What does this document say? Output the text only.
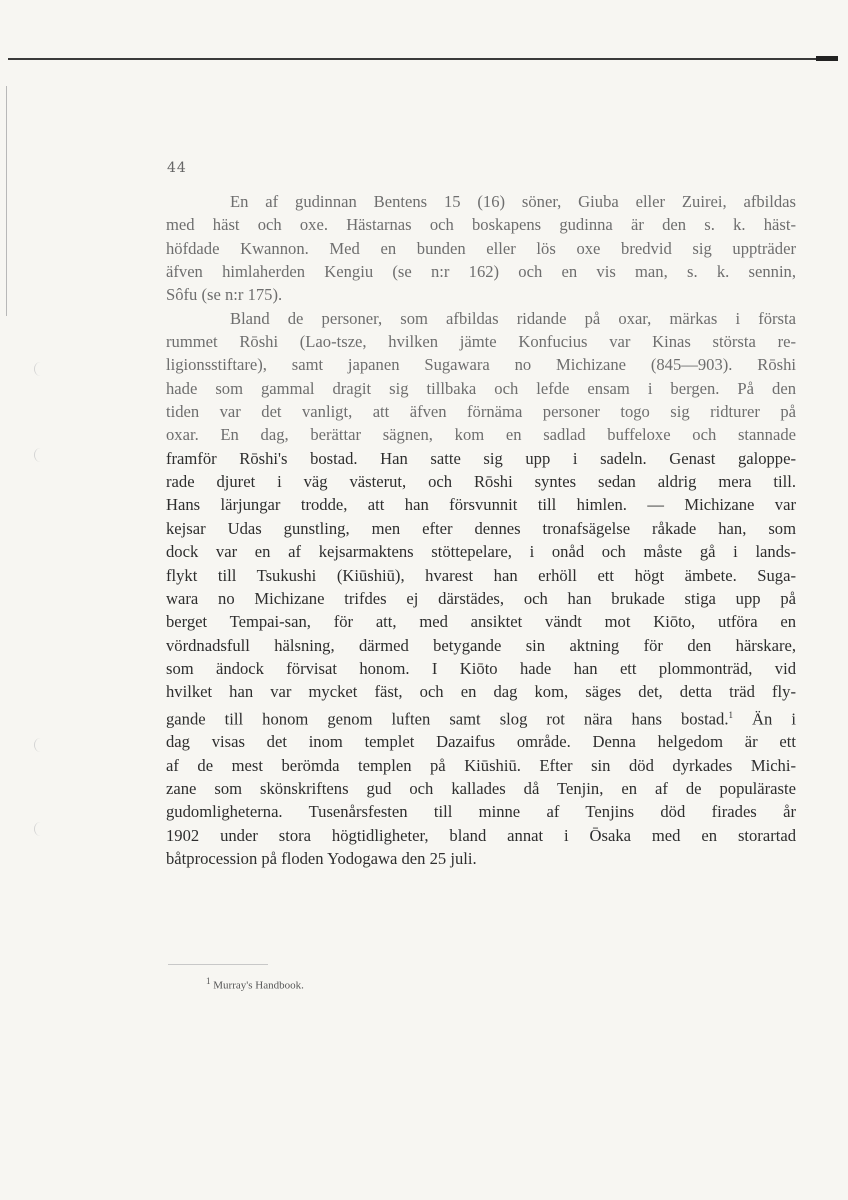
44
En af gudinnan Bentens 15 (16) söner, Giuba eller Zuirei, afbildas
med häst och oxe. Hästarnas och boskapens gudinna är den s. k. häst-
höfdade Kwannon. Med en bunden eller lös oxe bredvid sig uppträder
äfven himlaherden Kengiu (se n:r 162) och en vis man, s. k. sennin,
Sôfu (se n:r 175).
Bland de personer, som afbildas ridande på oxar, märkas i första
rummet Rōshi (Lao-tsze, hvilken jämte Konfucius var Kinas största re-
ligionsstiftare), samt japanen Sugawara no Michizane (845—903). Rōshi
hade som gammal dragit sig tillbaka och lefde ensam i bergen. På den
tiden var det vanligt, att äfven förnäma personer togo sig ridturer på
oxar. En dag, berättar sägnen, kom en sadlad buffeloxe och stannade
framför Rōshi's bostad. Han satte sig upp i sadeln. Genast galoppe-
rade djuret i väg västerut, och Rōshi syntes sedan aldrig mera till.
Hans lärjungar trodde, att han försvunnit till himlen. — Michizane var
kejsar Udas gunstling, men efter dennes tronafsägelse råkade han, som
dock var en af kejsarmaktens stöttepelare, i onåd och måste gå i lands-
flykt till Tsukushi (Kiūshiū), hvarest han erhöll ett högt ämbete. Suga-
wara no Michizane trifdes ej därstädes, och han brukade stiga upp på
berget Tempai-san, för att, med ansiktet vändt mot Kiōto, utföra en
vördnadsfull hälsning, därmed betygande sin aktning för den härskare,
som ändock förvisat honom. I Kiōto hade han ett plommonträd, vid
hvilket han var mycket fäst, och en dag kom, säges det, detta träd fly-
gande till honom genom luften samt slog rot nära hans bostad.$^1$ Än i
dag visas det inom templet Dazaifus område. Denna helgedom är ett
af de mest berömda templen på Kiūshiū. Efter sin död dyrkades Michi-
zane som skönskriftens gud och kallades då Tenjin, en af de populäraste
gudomligheterna. Tusenårsfesten till minne af Tenjins död firades år
1902 under stora högtidligheter, bland annat i Ōsaka med en storartad
båtprocession på floden Yodogawa den 25 juli.
$^1$ Murray's Handbook.
